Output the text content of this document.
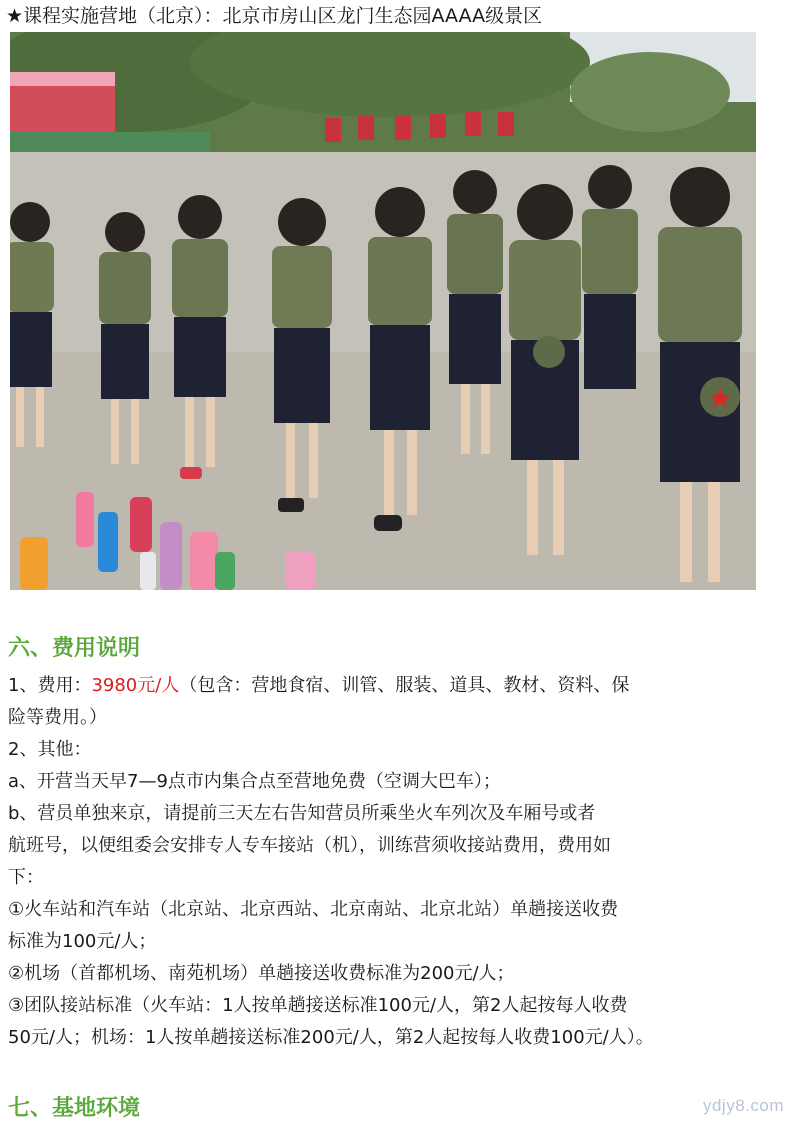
★课程实施营地（北京）：北京市房山区龙门生态园AAAA级景区
六、费用说明
1、费用：3980元/人（包含：营地食宿、训管、服装、道具、教材、资料、保
险等费用。）
2、其他：
a、开营当天早7—9点市内集合点至营地免费（空调大巴车）；
b、营员单独来京，请提前三天左右告知营员所乘坐火车列次及车厢号或者
航班号，以便组委会安排专人专车接站（机），训练营须收接站费用，费用如
下：
①火车站和汽车站（北京站、北京西站、北京南站、北京北站）单趟接送收费
标准为100元/人；
②机场（首都机场、南苑机场）单趟接送收费标准为200元/人；
③团队接站标准（火车站：1人按单趟接送标准100元/人，第2人起按每人收费
50元/人；机场：1人按单趟接送标准200元/人，第2人起按每人收费100元/人）。
七、基地环境	ydjy8.com
